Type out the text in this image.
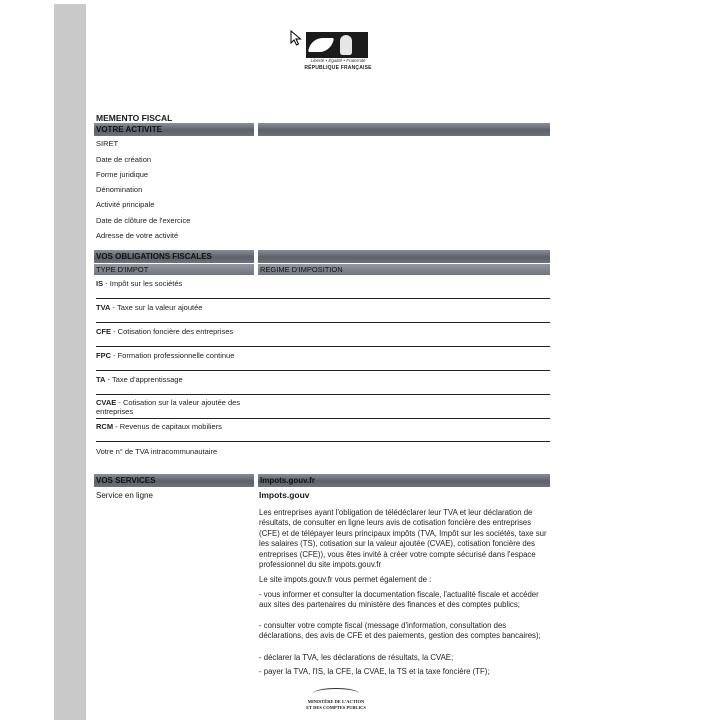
Liberté • Égalité • Fraternité
RÉPUBLIQUE FRANÇAISE
MEMENTO FISCAL
VOTRE ACTIVITE
SIRET
Date de création
Forme juridique
Dénomination
Activité principale
Date de clôture de l'exercice
Adresse de votre activité
VOS OBLIGATIONS FISCALES
TYPE D'IMPOT	REGIME D'IMPOSITION
IS - Impôt sur les sociétés
TVA - Taxe sur la valeur ajoutée
CFE - Cotisation foncière des entreprises
FPC - Formation professionnelle continue
TA - Taxe d'apprentissage
CVAE - Cotisation sur la valeur ajoutée des entreprises
RCM - Revenus de capitaux mobiliers
Votre n° de TVA intracommunautaire
VOS SERVICES	Impots.gouv.fr
Service en ligne	Impots.gouv
Les entreprises ayant l'obligation de télédéclarer leur TVA et leur déclaration de résultats, de consulter en ligne leurs avis de cotisation foncière des entreprises (CFE) et de télépayer leurs principaux impôts (TVA, Impôt sur les sociétés, taxe sur les salaires (TS), cotisation sur la valeur ajoutée (CVAE), cotisation foncière des entreprises (CFE)), vous êtes invité à créer votre compte sécurisé dans l'espace professionnel du site impots.gouv.fr
Le site impots.gouv.fr vous permet également de :
- vous informer et consulter la documentation fiscale, l'actualité fiscale et accéder aux sites des partenaires du ministère des finances et des comptes publics;
- consulter votre compte fiscal (message d'information, consultation des déclarations, des avis de CFE et des paiements, gestion des comptes bancaires);
- déclarer la TVA, les déclarations de résultats, la CVAE;
- payer la TVA, l'IS, la CFE, la CVAE, la TS et la taxe foncière (TF);
MINISTÈRE DE L'ACTION
ET DES COMPTES PUBLICS
